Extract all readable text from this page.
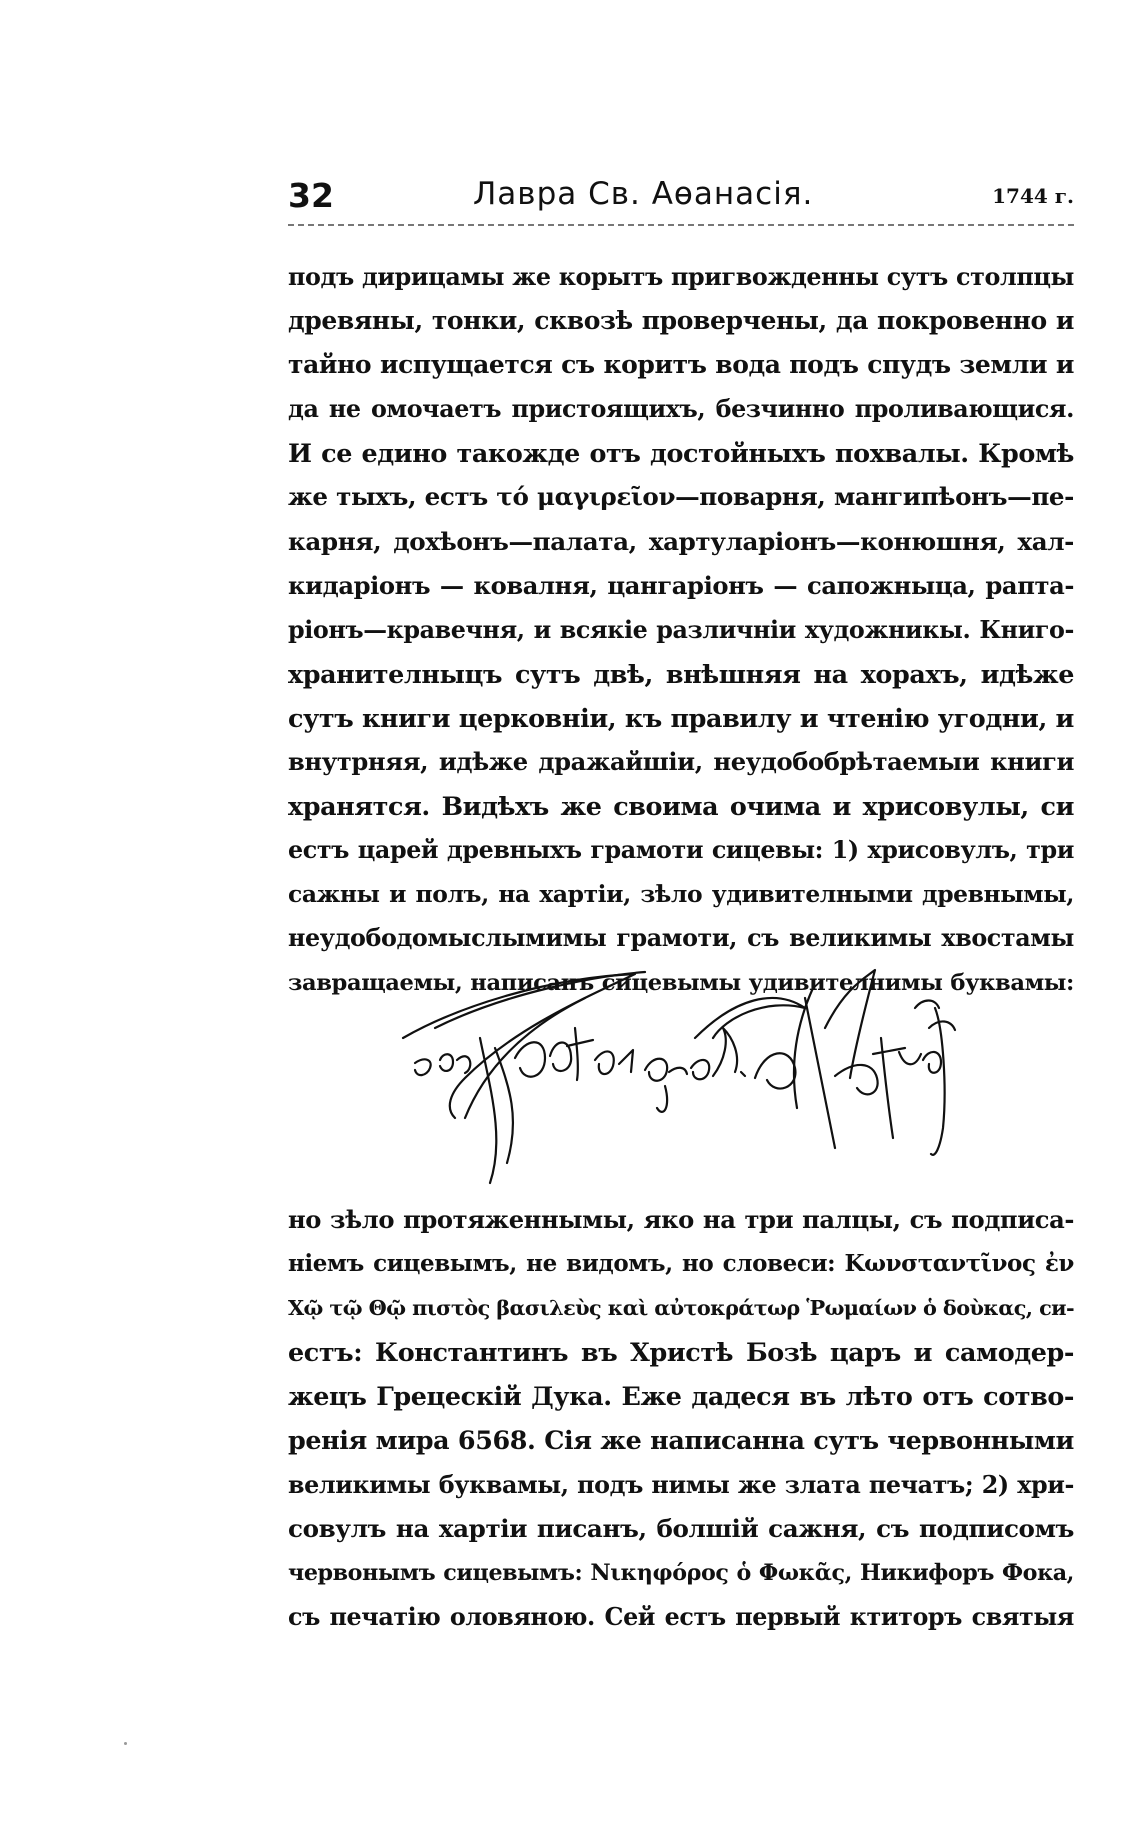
32	Лавра Св. Аѳанасія.	1744 г.
подъ дирицамы же корытъ пригвожденны сутъ столпцы
древяны, тонки, сквозѣ проверчены, да покровенно и
тайно испущается съ коритъ вода подъ спудъ земли и
да не омочаетъ пристоящихъ, безчинно проливающися.
И се едино такожде отъ достойныхъ похвалы. Кромѣ
же тыхъ, естъ τό μαγιρεῖον—поварня, мангипѣонъ—пе-
карня, дохѣонъ—палата, хартуларіонъ—конюшня, хал-
кидаріонъ — ковалня, цангаріонъ — сапожныца, рапта-
ріонъ—кравечня, и всякіе различніи художникы. Книго-
хранителныцъ сутъ двѣ, внѣшняя на хорахъ, идѣже
сутъ книги церковніи, къ правилу и чтенію угодни, и
внутрняя, идѣже дражайшіи, неудобобрѣтаемыи книги
хранятся. Видѣхъ же своима очима и хрисовулы, си
естъ царей древныхъ грамоти сицевы: 1) хрисовулъ, три
сажны и полъ, на хартіи, зѣло удивителными древнымы,
неудободомыслымимы грамоти, съ великимы хвостамы
завращаемы, написанъ сицевымы удивителнимы буквамы:
но зѣло протяженнымы, яко на три палцы, съ подписа-
ніемъ сицевымъ, не видомъ, но словеси: Κωνσταντῖνος ἐν
Χῷ τῷ Θῷ πιστὸς βασιλεὺς καὶ αὐτοκράτωρ Ῥωμαίων ὁ δοὺκας, си-
естъ: Константинъ въ Христѣ Бозѣ царъ и самодер-
жецъ Грецескій Дука. Еже дадеся въ лѣто отъ сотво-
ренія мира 6568. Сія же написанна сутъ червонными
великимы буквамы, подъ нимы же злата печатъ; 2) хри-
совулъ на хартіи писанъ, болшій сажня, съ подписомъ
червонымъ сицевымъ: Νικηφόρος ὁ Φωκᾶς, Никифоръ Фока,
съ печатію оловяною. Сей естъ первый ктиторъ святыя
